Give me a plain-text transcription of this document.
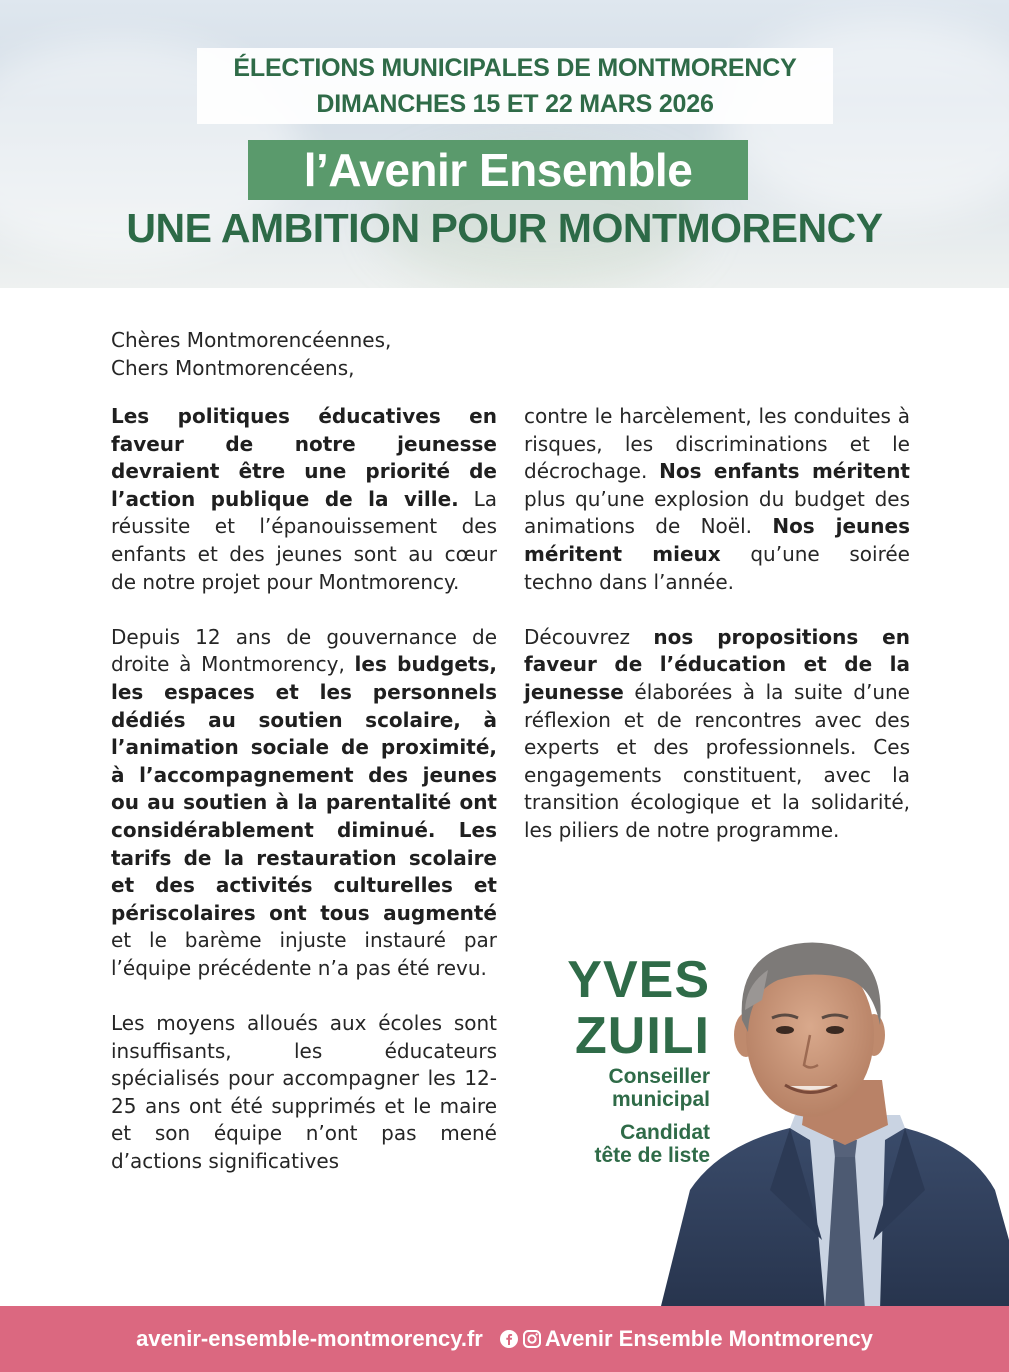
ÉLECTIONS MUNICIPALES DE MONTMORENCY
DIMANCHES 15 ET 22 MARS 2026
l’Avenir Ensemble
UNE AMBITION POUR MONTMORENCY
Chères Montmorencéennes,
Chers Montmorencéens,

Les politiques éducatives en faveur de notre jeunesse devraient être une priorité de l’action publique de la ville. La réussite et l’épanouissement des enfants et des jeunes sont au cœur de notre projet pour Montmorency.

Depuis 12 ans de gouvernance de droite à Montmorency, les budgets, les espaces et les personnels dédiés au soutien scolaire, à l’animation sociale de proximité, à l’accompagnement des jeunes ou au soutien à la parentalité ont considérablement diminué. Les tarifs de la restauration scolaire et des activités culturelles et périscolaires ont tous augmenté et le barème injuste instauré par l’équipe précédente n’a pas été revu.

Les moyens alloués aux écoles sont insuffisants, les éducateurs spécialisés pour accompagner les 12-25 ans ont été supprimés et le maire et son équipe n’ont pas mené d’actions significatives

contre le harcèlement, les conduites à risques, les discriminations et le décrochage. Nos enfants méritent plus qu’une explosion du budget des animations de Noël. Nos jeunes méritent mieux qu’une soirée techno dans l’année.

Découvrez nos propositions en faveur de l’éducation et de la jeunesse élaborées à la suite d’une réflexion et de rencontres avec des experts et des professionnels. Ces engagements constituent, avec la transition écologique et la solidarité, les piliers de notre programme.

YVES
ZUILI
Conseiller
municipal
Candidat
tête de liste
avenir-ensemble-montmorency.fr	Avenir Ensemble Montmorency
